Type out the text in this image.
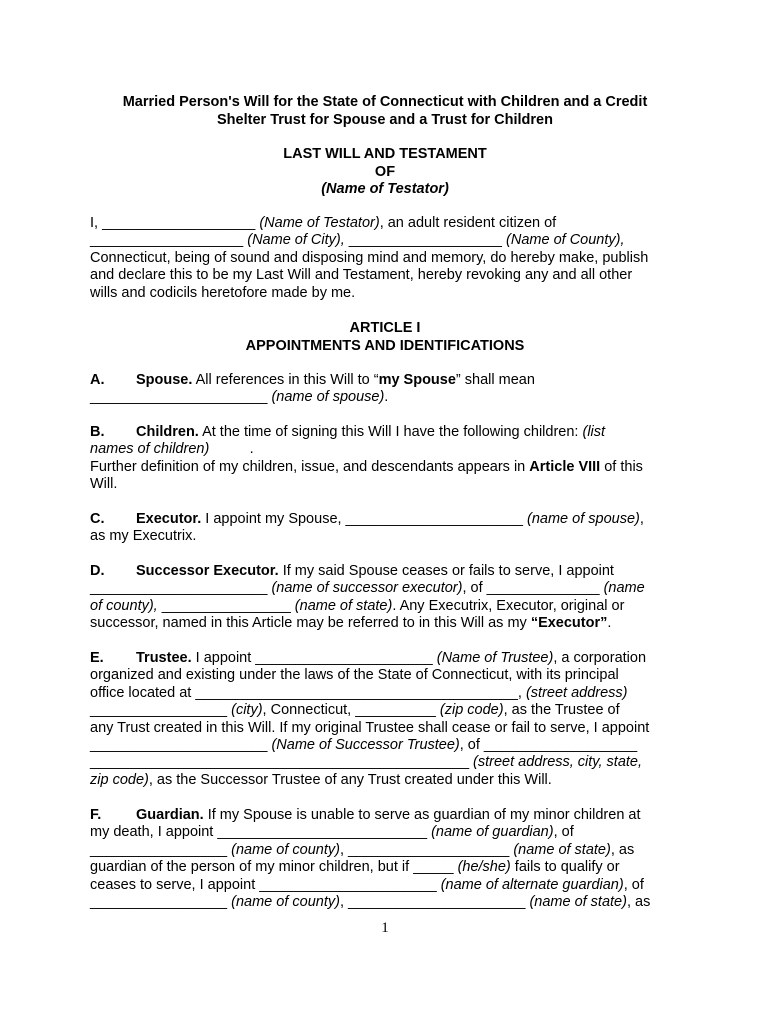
Married Person's Will for the State of Connecticut with Children and a Credit
Shelter Trust for Spouse and a Trust for Children
LAST WILL AND TESTAMENT
OF
(Name of Testator)
I, ___________________ (Name of Testator), an adult resident citizen of
___________________ (Name of City), ___________________ (Name of County),
Connecticut, being of sound and disposing mind and memory, do hereby make, publish
and declare this to be my Last Will and Testament, hereby revoking any and all other
wills and codicils heretofore made by me.
ARTICLE I
APPOINTMENTS AND IDENTIFICATIONS
A. Spouse. All references in this Will to “my Spouse” shall mean
______________________ (name of spouse).
B. Children. At the time of signing this Will I have the following children: (list
names of children)          .
Further definition of my children, issue, and descendants appears in Article VIII of this
Will.
C. Executor. I appoint my Spouse, ______________________ (name of spouse),
as my Executrix.
D. Successor Executor. If my said Spouse ceases or fails to serve, I appoint
______________________ (name of successor executor), of ______________ (name
of county), ________________ (name of state). Any Executrix, Executor, original or
successor, named in this Article may be referred to in this Will as my “Executor”.
E. Trustee. I appoint ______________________ (Name of Trustee), a corporation
organized and existing under the laws of the State of Connecticut, with its principal
office located at ________________________________________, (street address)
_________________ (city), Connecticut, __________ (zip code), as the Trustee of
any Trust created in this Will. If my original Trustee shall cease or fail to serve, I appoint
______________________ (Name of Successor Trustee), of ___________________
_______________________________________________ (street address, city, state,
zip code), as the Successor Trustee of any Trust created under this Will.
F. Guardian. If my Spouse is unable to serve as guardian of my minor children at
my death, I appoint __________________________ (name of guardian), of
_________________ (name of county), ____________________ (name of state), as
guardian of the person of my minor children, but if _____ (he/she) fails to qualify or
ceases to serve, I appoint ______________________ (name of alternate guardian), of
_________________ (name of county), ______________________ (name of state), as
1
